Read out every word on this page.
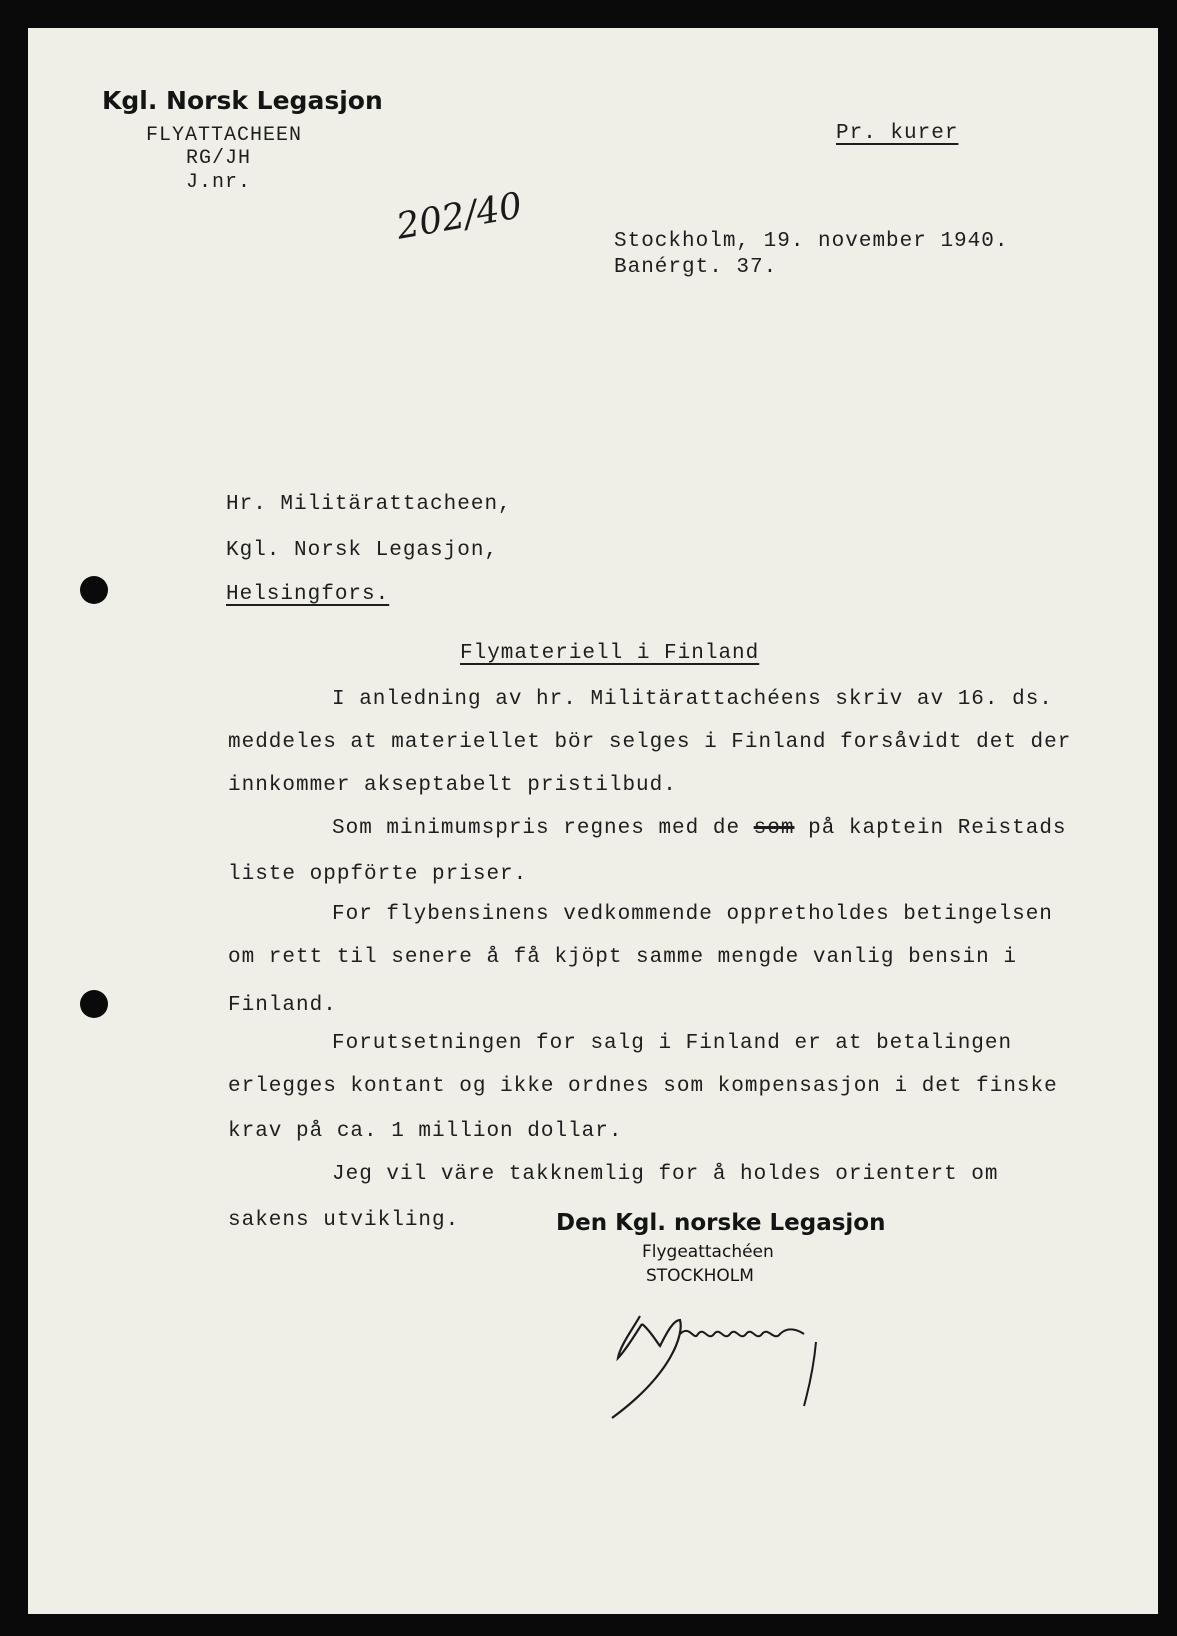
Kgl. Norsk Legasjon
FLYATTACHEEN
RG/JH
J.nr.
Pr. kurer
202/40	Stockholm, 19. november 1940.
Banérgt. 37.
Hr. Militärattacheen,
Kgl. Norsk Legasjon,
Helsingfors.
Flymateriell i Finland
I anledning av hr. Militärattachéens skriv av 16. ds.
meddeles at materiellet bör selges i Finland forsåvidt det der
innkommer akseptabelt pristilbud.
Som minimumspris regnes med de som på kaptein Reistads
liste oppförte priser.
For flybensinens vedkommende oppretholdes betingelsen
om rett til senere å få kjöpt samme mengde vanlig bensin i
Finland.
Forutsetningen for salg i Finland er at betalingen
erlegges kontant og ikke ordnes som kompensasjon i det finske
krav på ca. 1 million dollar.
Jeg vil väre takknemlig for å holdes orientert om
sakens utvikling.	Den Kgl. norske Legasjon
Flygeattachéen
STOCKHOLM
